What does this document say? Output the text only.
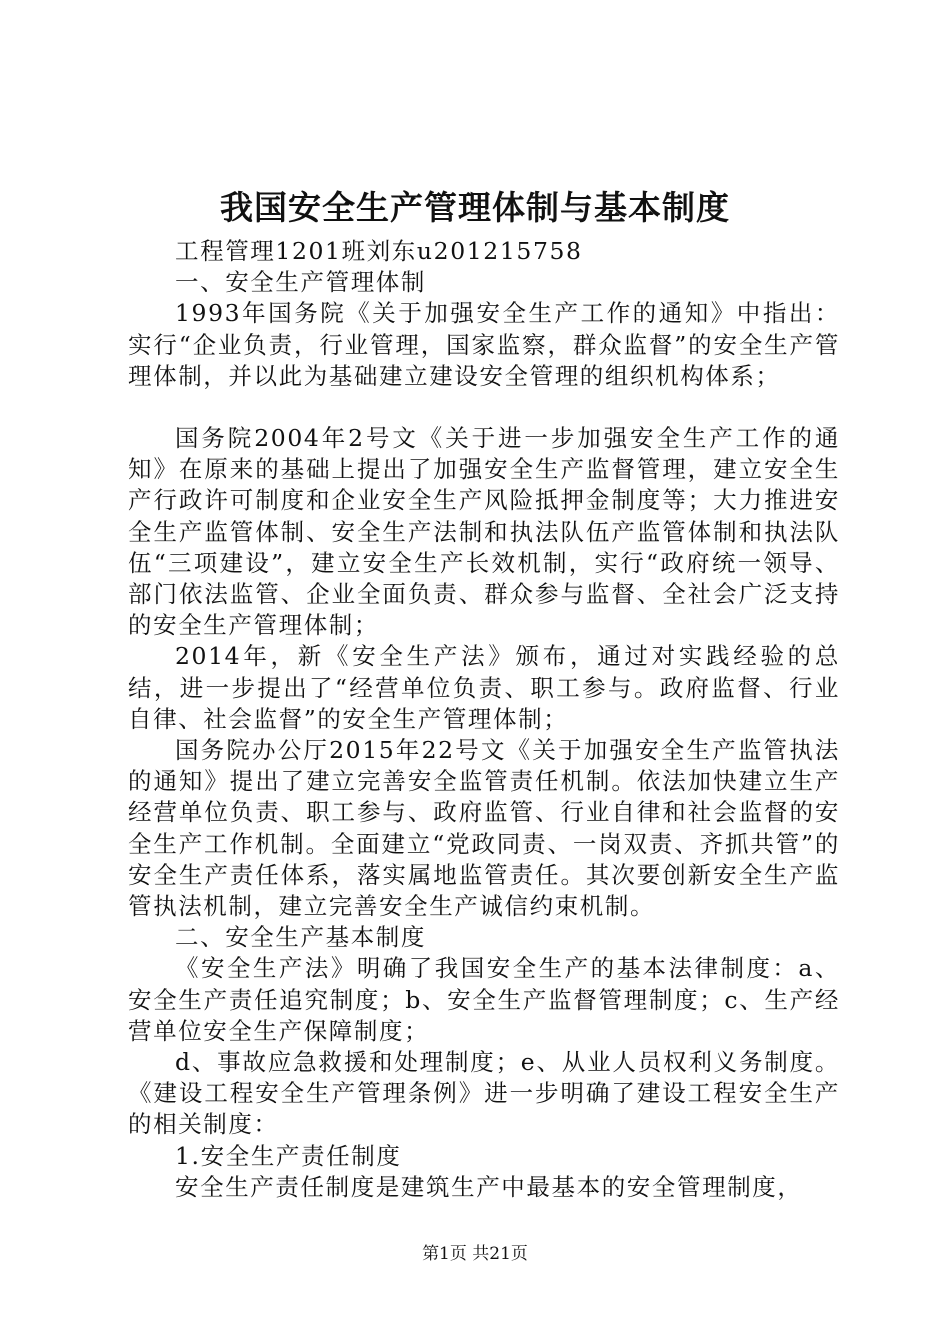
我国安全生产管理体制与基本制度

工程管理1201班刘东u201215758

一、安全生产管理体制

1993年国务院《关于加强安全生产工作的通知》中指出：实行“企业负责，行业管理，国家监察，群众监督”的安全生产管理体制，并以此为基础建立建设安全管理的组织机构体系；

国务院2004年2号文《关于进一步加强安全生产工作的通知》在原来的基础上提出了加强安全生产监督管理，建立安全生产行政许可制度和企业安全生产风险抵押金制度等；大力推进安全生产监管体制、安全生产法制和执法队伍产监管体制和执法队伍“三项建设”，建立安全生产长效机制，实行“政府统一领导、部门依法监管、企业全面负责、群众参与监督、全社会广泛支持的安全生产管理体制；

2014年，新《安全生产法》颁布，通过对实践经验的总结，进一步提出了“经营单位负责、职工参与。政府监督、行业自律、社会监督”的安全生产管理体制；

国务院办公厅2015年22号文《关于加强安全生产监管执法的通知》提出了建立完善安全监管责任机制。依法加快建立生产经营单位负责、职工参与、政府监管、行业自律和社会监督的安全生产工作机制。全面建立“党政同责、一岗双责、齐抓共管”的安全生产责任体系，落实属地监管责任。其次要创新安全生产监管执法机制，建立完善安全生产诚信约束机制。

二、安全生产基本制度

《安全生产法》明确了我国安全生产的基本法律制度：a、安全生产责任追究制度；b、安全生产监督管理制度；c、生产经营单位安全生产保障制度；

d、事故应急救援和处理制度；e、从业人员权利义务制度。《建设工程安全生产管理条例》进一步明确了建设工程安全生产的相关制度：

1.安全生产责任制度

安全生产责任制度是建筑生产中最基本的安全管理制度，

第1页 共21页
